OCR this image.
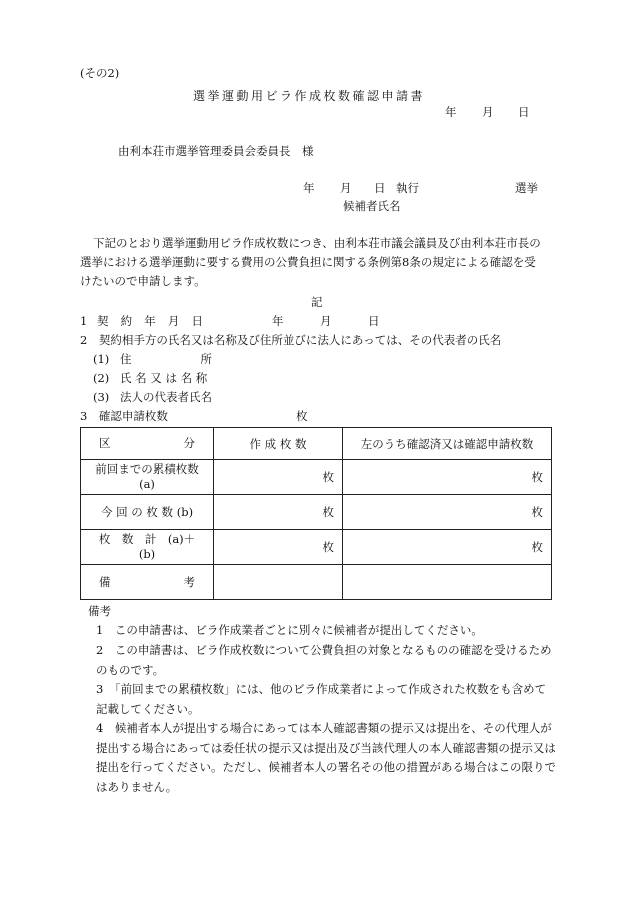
(その2)
選挙運動用ビラ作成枚数確認申請書
年 月 日
由利本荘市選挙管理委員会委員長　様
年 月 日 執行	選挙
候補者氏名
下記のとおり選挙運動用ビラ作成枚数につき、由利本荘市議会議員及び由利本荘市長の
選挙における選挙運動に要する費用の公費負担に関する条例第8条の規定による確認を受
けたいので申請します。
記
1 契 約 年 月 日	年	月	日
2　契約相手方の氏名又は名称及び住所並びに法人にあっては、その代表者の氏名
(1) 住	所
(2) 氏 名 又 は 名 称
(3) 法人の代表者氏名
3　確認申請枚数	枚
区 分	作 成 枚 数	左のうち確認済又は確認申請枚数

前回までの累積枚数
(a)	枚	枚

今 回 の 枚 数 (b)	枚	枚

枚　数　計　(a)＋
(b)	枚	枚

備 考		

備考
1　 この申請書は、ビラ作成業者ごとに別々に候補者が提出してください。
2　 この申請書は、ビラ作成枚数について公費負担の対象となるものの確認を受けるためのものです。
3　 「前回までの累積枚数」には、他のビラ作成業者によって作成された枚数をも含めて記載してください。
4　 候補者本人が提出する場合にあっては本人確認書類の提示又は提出を、その代理人が提出する場合にあっては委任状の提示又は提出及び当該代理人の本人確認書類の提示又は提出を行ってください。ただし、候補者本人の署名その他の措置がある場合はこの限りではありません。
